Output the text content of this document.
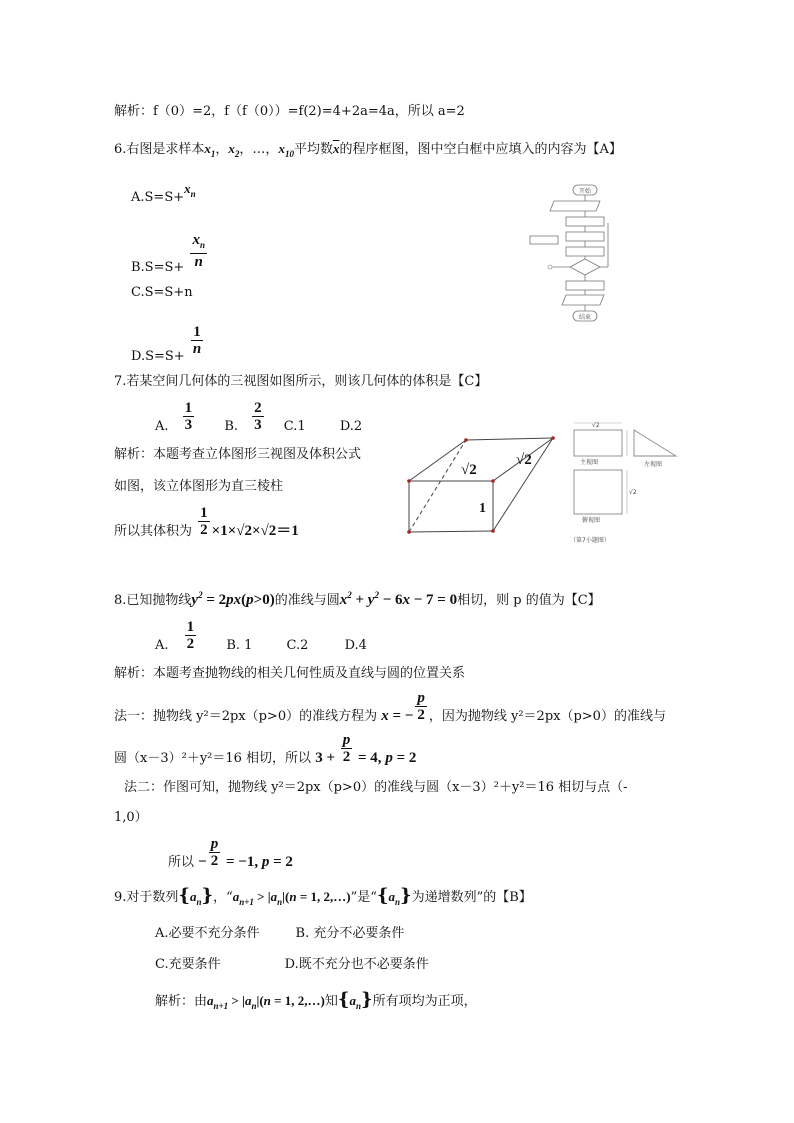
解析：f（0）=2，f（f（0））=f(2)=4+2a=4a，所以 a=2
6.右图是求样本$x_1$，$x_2$，…，$x_{10}$平均数$\overline{x}$的程序框图，图中空白框中应填入的内容为【A】
$A.S=S+x_n$
$B.S=S+ \frac{x_n}{n}$
C.S=S+n
$D.S=S+ \frac{1}{n}$
开始
结束
7.若某空间几何体的三视图如图所示，则该几何体的体积是【C】
A. $\frac{1}{3} B$. $\frac{2}{3} C.1$	D.2
解析：本题考查立体图形三视图及体积公式
如图，该立体图形为直三棱柱
所以其体积为 $\frac{1}{2} \times 1\times√2\times√2=1$
√2
√2
1
√2
主视图	左视图
√2
俯视图
（第7小题图）
8.已知抛物线$y^2 = 2px(p>0)$的准线与圆$x^2 + y^2 - 6x - 7 = 0$相切，则 p 的值为【C】
A. $\frac{1}{2} B$. 1	C.2	D.4
解析：本题考查抛物线的相关几何性质及直线与圆的位置关系
法一：抛物线 y²＝2px（p>0）的准线方程为 x = − $\frac{p}{2}$ ，因为抛物线 y²＝2px（p>0）的准线与
圆（x－3）²＋y²＝16 相切，所以 $3 + \frac{p}{2} = 4$, p = 2
法二：作图可知，抛物线 y²＝2px（p>0）的准线与圆（x－3）²＋y²＝16 相切与点（-
1,0）
所以 − $\frac{p}{2} = -1$, p = 2
9.对于数列$\{a_n\}$，“$a_{n+1} > |a_n|(n = 1$, 2,…)”是“$\{a_n\}$为递增数列”的【B】
A.必要不充分条件	B. 充分不必要条件
C.充要条件	D.既不充分也不必要条件
解析：由$a_{n+1} > |a_n|(n = 1$, 2,…)知$\{a_n\}$所有项均为正项，
